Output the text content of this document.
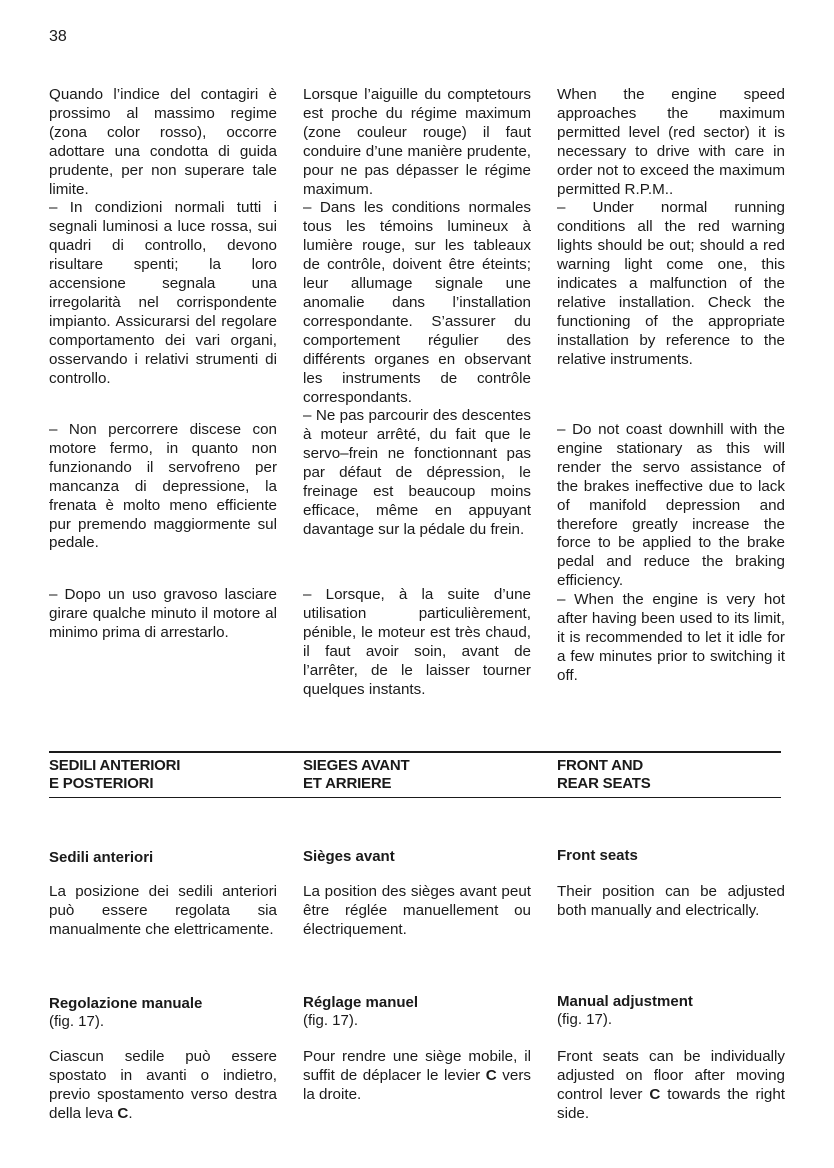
38

Quando l’indice del contagiri è prossimo al massimo regime (zona color rosso), occorre adottare una condotta di guida prudente, per non superare tale limite.

– In condizioni normali tutti i segnali luminosi a luce rossa, sui quadri di controllo, devono risultare spenti; la loro accensione segnala una irregolarità nel corrispondente impianto. Assicurarsi del regolare comportamento dei vari organi, osservando i relativi strumenti di controllo.

– Non percorrere discese con motore fermo, in quanto non funzionando il servofreno per mancanza di depressione, la frenata è molto meno efficiente pur premendo maggiormente sul pedale.

– Dopo un uso gravoso lasciare girare qualche minuto il motore al minimo prima di arrestarlo.

Lorsque l’aiguille du comptetours est proche du régime maximum (zone couleur rouge) il faut conduire d’une manière prudente, pour ne pas dépasser le régime maximum.

– Dans les conditions normales tous les témoins lumineux à lumière rouge, sur les tableaux de contrôle, doivent être éteints; leur allumage signale une anomalie dans l’installation correspondante. S’assurer du comportement régulier des différents organes en observant les instruments de contrôle correspondants.

– Ne pas parcourir des descentes à moteur arrêté, du fait que le servo–frein ne fonctionnant pas par défaut de dépression, le freinage est beaucoup moins efficace, même en appuyant davantage sur la pédale du frein.

– Lorsque, à la suite d’une utilisation particulièrement, pénible, le moteur est très chaud, il faut avoir soin, avant de l’arrêter, de le laisser tourner quelques instants.

When the engine speed approaches the maximum permitted level (red sector) it is necessary to drive with care in order not to exceed the maximum permitted R.P.M..

– Under normal running conditions all the red warning lights should be out; should a red warning light come one, this indicates a malfunction of the relative installation. Check the functioning of the appropriate installation by reference to the relative instruments.

– Do not coast downhill with the engine stationary as this will render the servo assistance of the brakes ineffective due to lack of manifold depression and therefore greatly increase the force to be applied to the brake pedal and reduce the braking efficiency.

– When the engine is very hot after having been used to its limit, it is recommended to let it idle for a few minutes prior to switching it off.

SEDILI ANTERIORI
E POSTERIORI
SIEGES AVANT
ET ARRIERE
FRONT AND
REAR SEATS
Sedili anteriori	Sièges avant	Front seats
La posizione dei sedili anteriori può essere regolata sia manualmente che elettricamente.
La position des sièges avant peut être réglée manuellement ou électriquement.
Their position can be adjusted both manually and electrically.
Regolazione manuale
(fig. 17).
Réglage manuel
(fig. 17).
Manual adjustment
(fig. 17).
Ciascun sedile può essere spostato in avanti o indietro, previo spostamento verso destra della leva C.
Pour rendre une siège mobile, il suffit de déplacer le levier C vers la droite.
Front seats can be individually adjusted on floor after moving control lever C towards the right side.
